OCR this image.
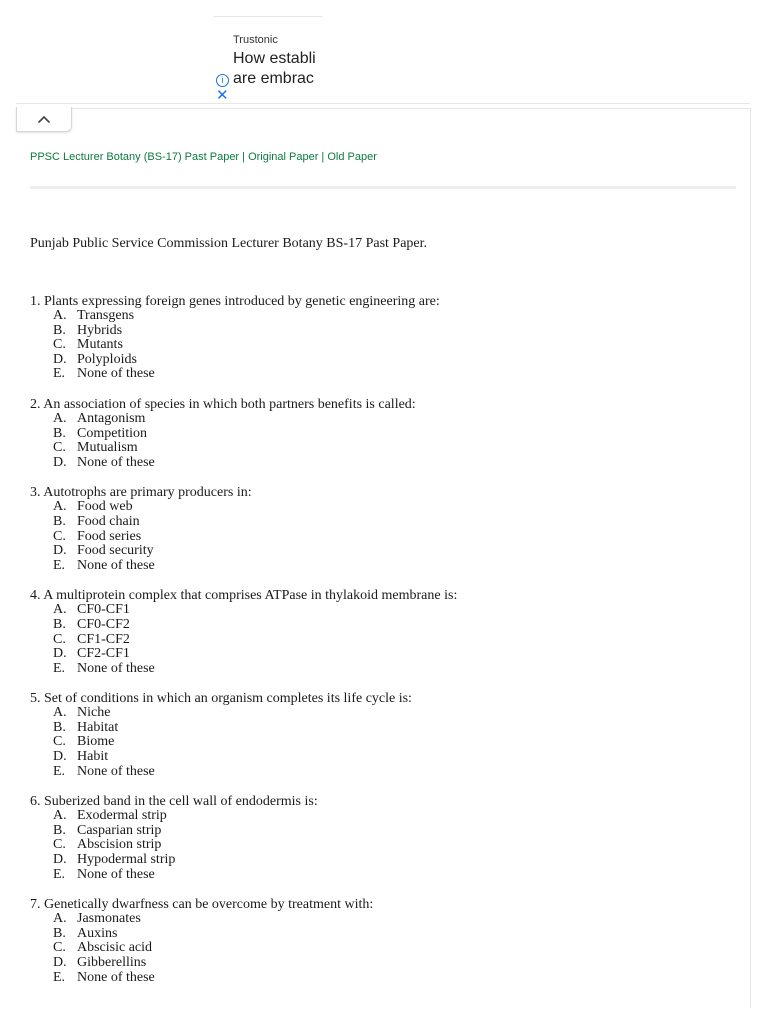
Trustonic
How establi
are embrac
i
✕
PPSC Lecturer Botany (BS-17) Past Paper | Original Paper | Old Paper
Punjab Public Service Commission Lecturer Botany BS-17 Past Paper.
1. Plants expressing foreign genes introduced by genetic engineering are:
A. Transgens
B. Hybrids
C. Mutants
D. Polyploids
E. None of these
2. An association of species in which both partners benefits is called:
A. Antagonism
B. Competition
C. Mutualism
D. None of these
3. Autotrophs are primary producers in:
A. Food web
B. Food chain
C. Food series
D. Food security
E. None of these
4. A multiprotein complex that comprises ATPase in thylakoid membrane is:
A. CF0-CF1
B. CF0-CF2
C. CF1-CF2
D. CF2-CF1
E. None of these
5. Set of conditions in which an organism completes its life cycle is:
A. Niche
B. Habitat
C. Biome
D. Habit
E. None of these
6. Suberized band in the cell wall of endodermis is:
A. Exodermal strip
B. Casparian strip
C. Abscision strip
D. Hypodermal strip
E. None of these
7. Genetically dwarfness can be overcome by treatment with:
A. Jasmonates
B. Auxins
C. Abscisic acid
D. Gibberellins
E. None of these
